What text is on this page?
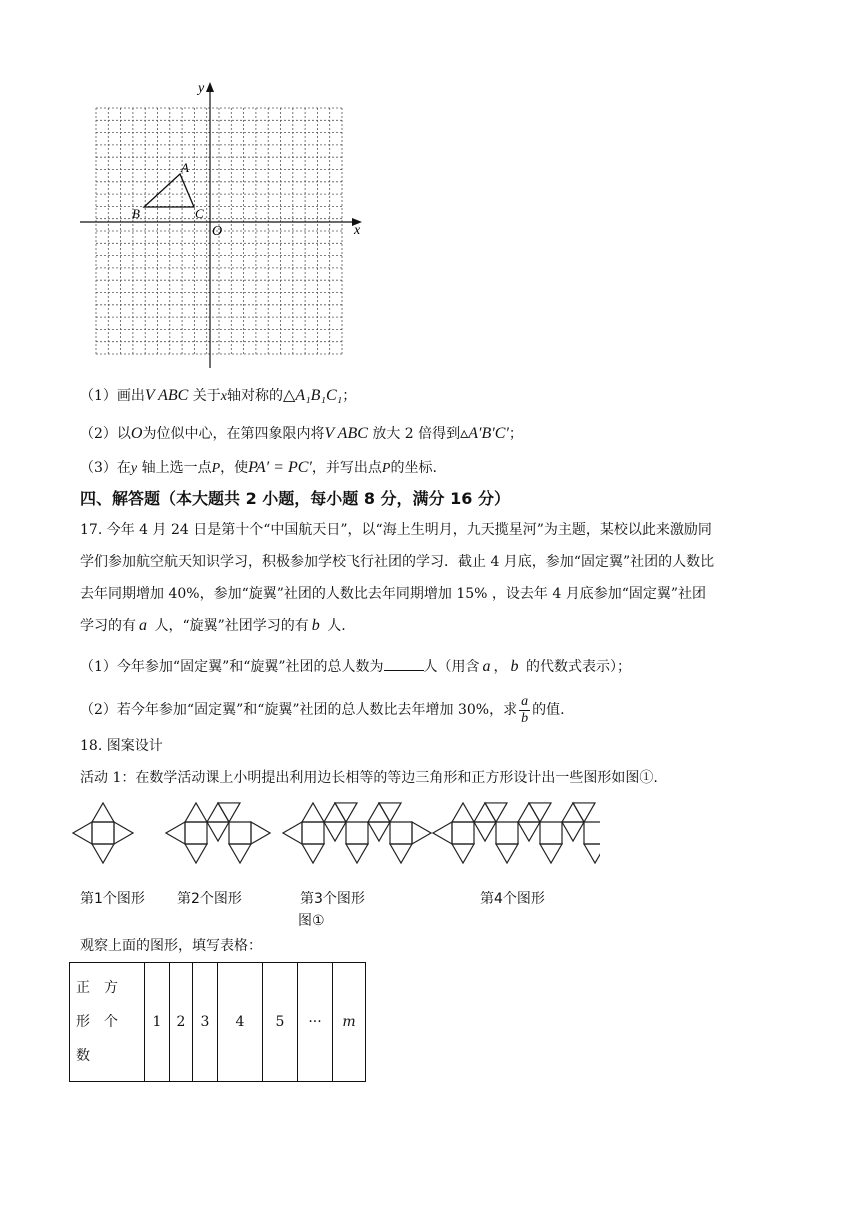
y
x
O
A
B	C
（1）画出V ABC 关于x轴对称的△A₁B₁C₁；
（2）以O为位似中心，在第四象限内将V ABC 放大 2 倍得到▵A′B′C′；
（3）在y 轴上选一点P，使PA′ = PC′，并写出点P的坐标.
四、解答题（本大题共 2 小题，每小题 8 分，满分 16 分）
17. 今年 4 月 24 日是第十个“中国航天日”，以“海上生明月，九天揽星河”为主题，某校以此来激励同
学们参加航空航天知识学习，积极参加学校飞行社团的学习．截止 4 月底，参加“固定翼”社团的人数比
去年同期增加 40%，参加“旋翼”社团的人数比去年同期增加 15% ，设去年 4 月底参加“固定翼”社团
学习的有 a 人，“旋翼”社团学习的有 b 人.
（1）今年参加“固定翼”和“旋翼”社团的总人数为	人（用含 a ， b 的代数式表示）；
（2）若今年参加“固定翼”和“旋翼”社团的总人数比去年增加 30%，求 $\frac{a}{b}$ 的值.
18. 图案设计
活动 1：在数学活动课上小明提出利用边长相等的等边三角形和正方形设计出一些图形如图①.
第1个图形 第2个图形	第3个图形	第4个图形
图①
观察上面的图形，填写表格：
正　方
形　个
数
	1	2	3	4	5	···	m
